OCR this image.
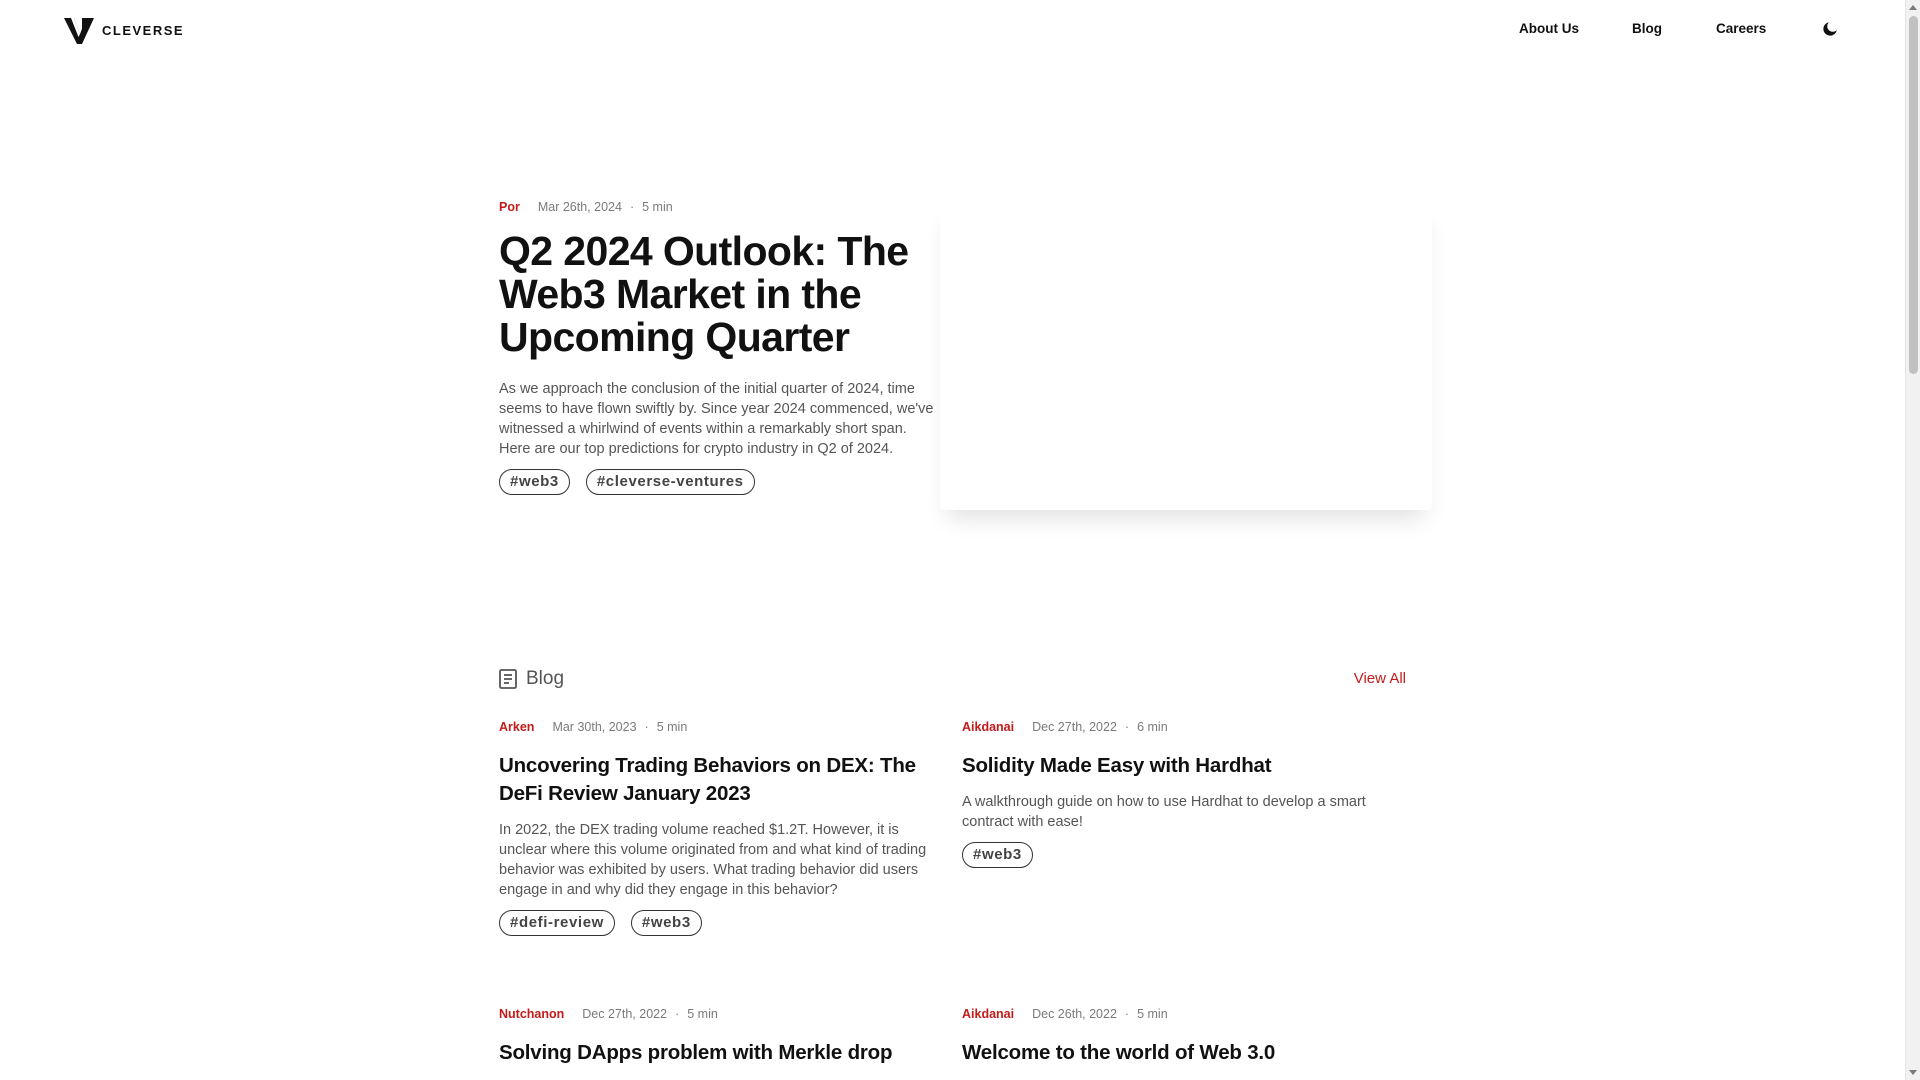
CLEVERSE	About Us	Blog	Careers
Por Mar 26th, 2024 · 5 min
Q2 2024 Outlook: The Web3 Market in the Upcoming Quarter

As we approach the conclusion of the initial quarter of 2024, time seems to have flown swiftly by. Since year 2024 commenced, we've witnessed a whirlwind of events within a remarkably short span. Here are our top predictions for crypto industry in Q2 of 2024.

#web3	#cleverse-ventures
Blog	View All
Arken Mar 30th, 2023 · 5 min
Uncovering Trading Behaviors on DEX: The DeFi Review January 2023

In 2022, the DEX trading volume reached $1.2T. However, it is unclear where this volume originated from and what kind of trading behavior was exhibited by users. What trading behavior did users engage in and why did they engage in this behavior?

#defi-review	#web3
Aikdanai Dec 27th, 2022 · 6 min
Solidity Made Easy with Hardhat

A walkthrough guide on how to use Hardhat to develop a smart contract with ease!

#web3
Nutchanon Dec 27th, 2022 · 5 min
Solving DApps problem with Merkle drop
Aikdanai Dec 26th, 2022 · 5 min
Welcome to the world of Web 3.0
